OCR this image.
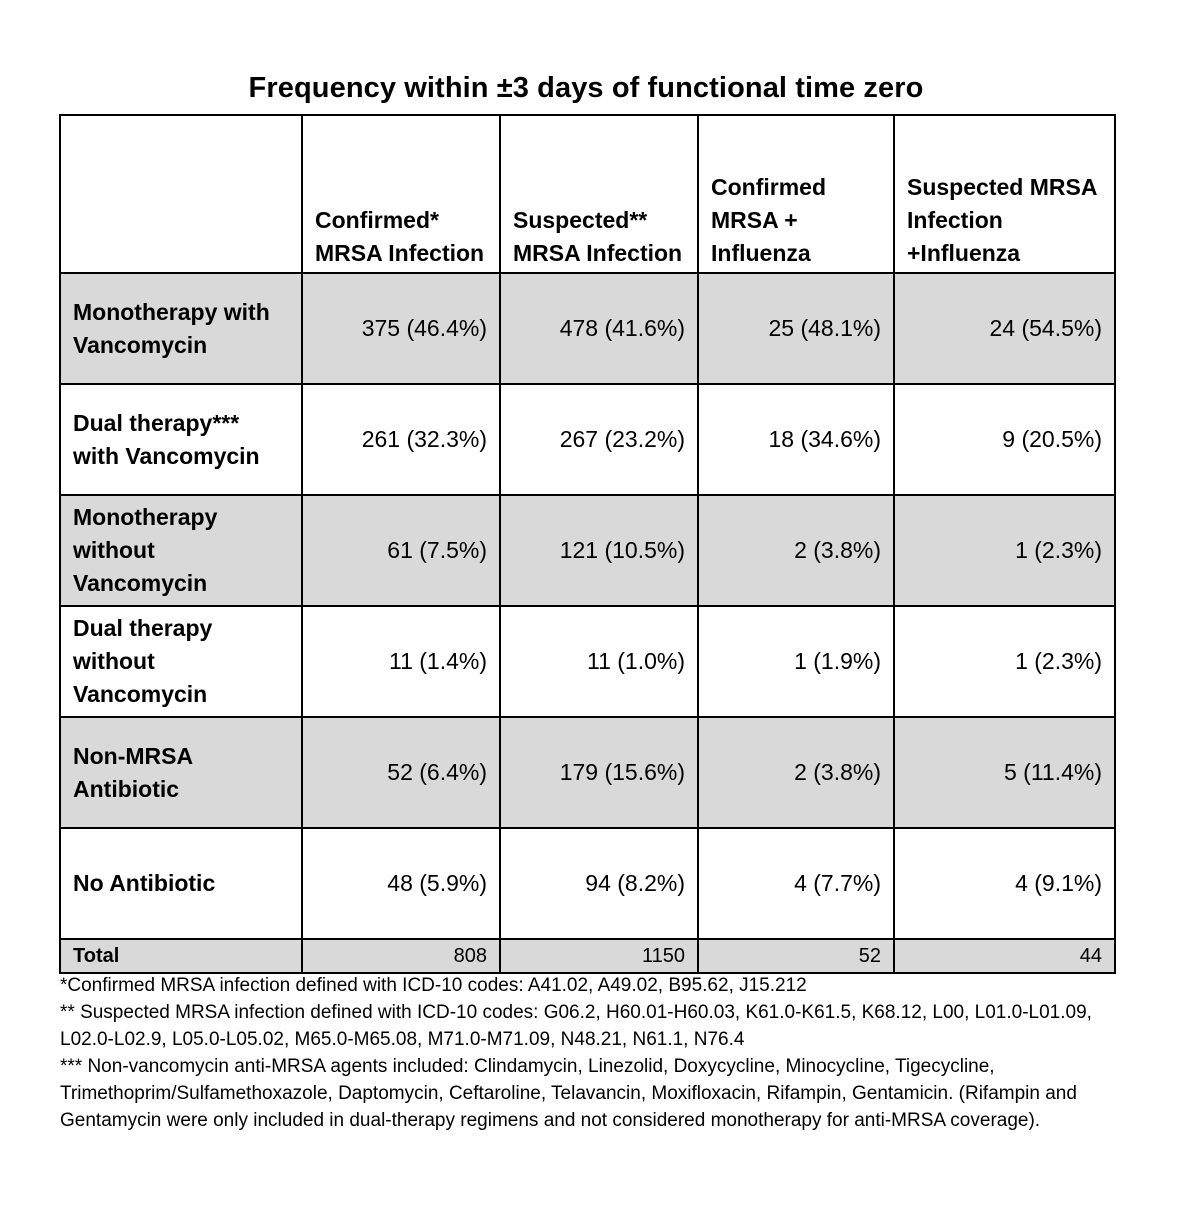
Frequency within ±3 days of functional time zero
	Confirmed* MRSA Infection	Suspected** MRSA Infection	Confirmed MRSA + Influenza	Suspected MRSA Infection +Influenza
Monotherapy with Vancomycin	375 (46.4%)	478 (41.6%)	25 (48.1%)	24 (54.5%)
Dual therapy*** with Vancomycin	261 (32.3%)	267 (23.2%)	18 (34.6%)	9 (20.5%)
Monotherapy without Vancomycin	61 (7.5%)	121 (10.5%)	2 (3.8%)	1 (2.3%)
Dual therapy without Vancomycin	11 (1.4%)	11 (1.0%)	1 (1.9%)	1 (2.3%)
Non-MRSA Antibiotic	52 (6.4%)	179 (15.6%)	2 (3.8%)	5 (11.4%)
No Antibiotic	48 (5.9%)	94 (8.2%)	4 (7.7%)	4 (9.1%)
Total	808	1150	52	44

*Confirmed MRSA infection defined with ICD-10 codes: A41.02, A49.02, B95.62, J15.212

** Suspected MRSA infection defined with ICD-10 codes: G06.2, H60.01-H60.03, K61.0-K61.5, K68.12, L00, L01.0-L01.09, L02.0-L02.9, L05.0-L05.02, M65.0-M65.08, M71.0-M71.09, N48.21, N61.1, N76.4

*** Non-vancomycin anti-MRSA agents included: Clindamycin, Linezolid, Doxycycline, Minocycline, Tigecycline, Trimethoprim/Sulfamethoxazole, Daptomycin, Ceftaroline, Telavancin, Moxifloxacin, Rifampin, Gentamicin. (Rifampin and Gentamycin were only included in dual-therapy regimens and not considered monotherapy for anti-MRSA coverage).
